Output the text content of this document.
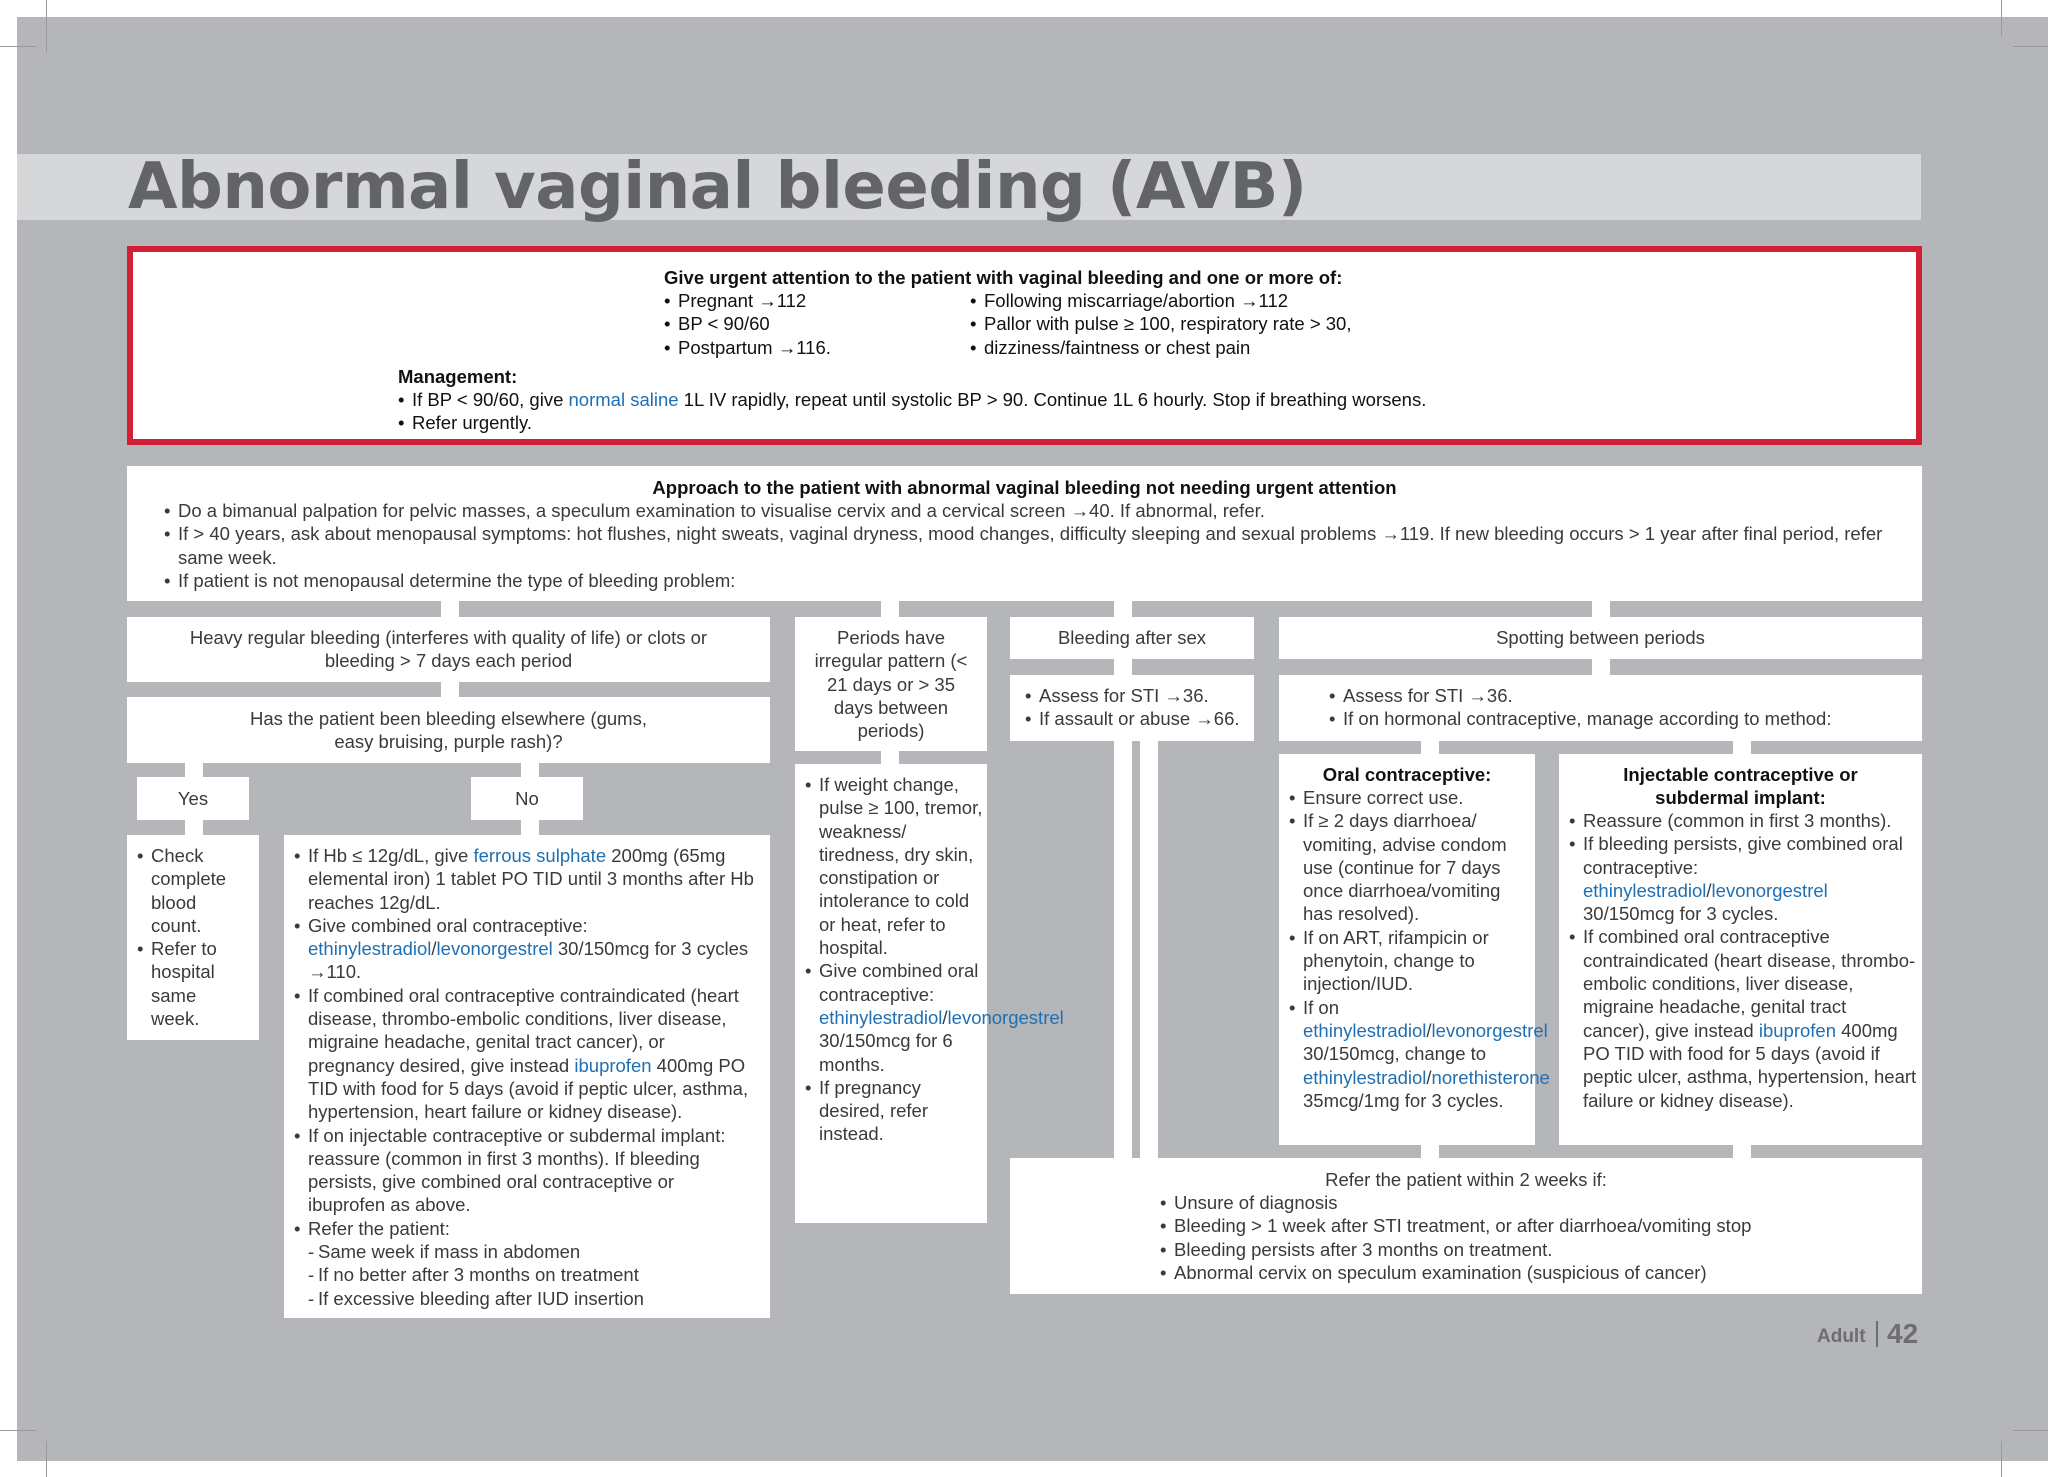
Abnormal vaginal bleeding (AVB)
Give urgent attention to the patient with vaginal bleeding and one or more of:
• Pregnant →112
• BP < 90/60
• Postpartum →116.
• Following miscarriage/abortion →112
• Pallor with pulse ≥ 100, respiratory rate > 30,
• dizziness/faintness or chest pain
Management:
• If BP < 90/60, give normal saline 1L IV rapidly, repeat until systolic BP > 90. Continue 1L 6 hourly. Stop if breathing worsens.
• Refer urgently.
Approach to the patient with abnormal vaginal bleeding not needing urgent attention
• Do a bimanual palpation for pelvic masses, a speculum examination to visualise cervix and a cervical screen →40. If abnormal, refer.
• If > 40 years, ask about menopausal symptoms: hot flushes, night sweats, vaginal dryness, mood changes, difficulty sleeping and sexual problems →119. If new bleeding occurs > 1 year after final period, refer same week.
• If patient is not menopausal determine the type of bleeding problem:
Heavy regular bleeding (interferes with quality of life) or clots or bleeding > 7 days each period
Has the patient been bleeding elsewhere (gums, easy bruising, purple rash)?
Yes	No
• Check complete blood count.
• Refer to hospital same week.
• If Hb ≤ 12g/dL, give ferrous sulphate 200mg (65mg elemental iron) 1 tablet PO TID until 3 months after Hb reaches 12g/dL.
• Give combined oral contraceptive: ethinylestradiol/levonorgestrel 30/150mcg for 3 cycles →110.
• If combined oral contraceptive contraindicated (heart disease, thrombo-embolic conditions, liver disease, migraine headache, genital tract cancer), or pregnancy desired, give instead ibuprofen 400mg PO TID with food for 5 days (avoid if peptic ulcer, asthma, hypertension, heart failure or kidney disease).
• If on injectable contraceptive or subdermal implant: reassure (common in first 3 months). If bleeding persists, give combined oral contraceptive or ibuprofen as above.
• Refer the patient:
- Same week if mass in abdomen
- If no better after 3 months on treatment
- If excessive bleeding after IUD insertion
Periods have irregular pattern (< 21 days or > 35 days between periods)
• If weight change, pulse ≥ 100, tremor, weakness/ tiredness, dry skin, constipation or intolerance to cold or heat, refer to hospital.
• Give combined oral contraceptive: ethinylestradiol/levonorgestrel 30/150mcg for 6 months.
• If pregnancy desired, refer instead.
Bleeding after sex
• Assess for STI →36.
• If assault or abuse →66.
Spotting between periods
• Assess for STI →36.
• If on hormonal contraceptive, manage according to method:
Oral contraceptive:
• Ensure correct use.
• If ≥ 2 days diarrhoea/ vomiting, advise condom use (continue for 7 days once diarrhoea/vomiting has resolved).
• If on ART, rifampicin or phenytoin, change to injection/IUD.
• If on ethinylestradiol/levonorgestrel 30/150mcg, change to ethinylestradiol/norethisterone 35mcg/1mg for 3 cycles.
Injectable contraceptive or subdermal implant:
• Reassure (common in first 3 months).
• If bleeding persists, give combined oral contraceptive: ethinylestradiol/levonorgestrel 30/150mcg for 3 cycles.
• If combined oral contraceptive contraindicated (heart disease, thrombo-embolic conditions, liver disease, migraine headache, genital tract cancer), give instead ibuprofen 400mg PO TID with food for 5 days (avoid if peptic ulcer, asthma, hypertension, heart failure or kidney disease).
Refer the patient within 2 weeks if:
• Unsure of diagnosis
• Bleeding > 1 week after STI treatment, or after diarrhoea/vomiting stop
• Bleeding persists after 3 months on treatment.
• Abnormal cervix on speculum examination (suspicious of cancer)
Adult 42
